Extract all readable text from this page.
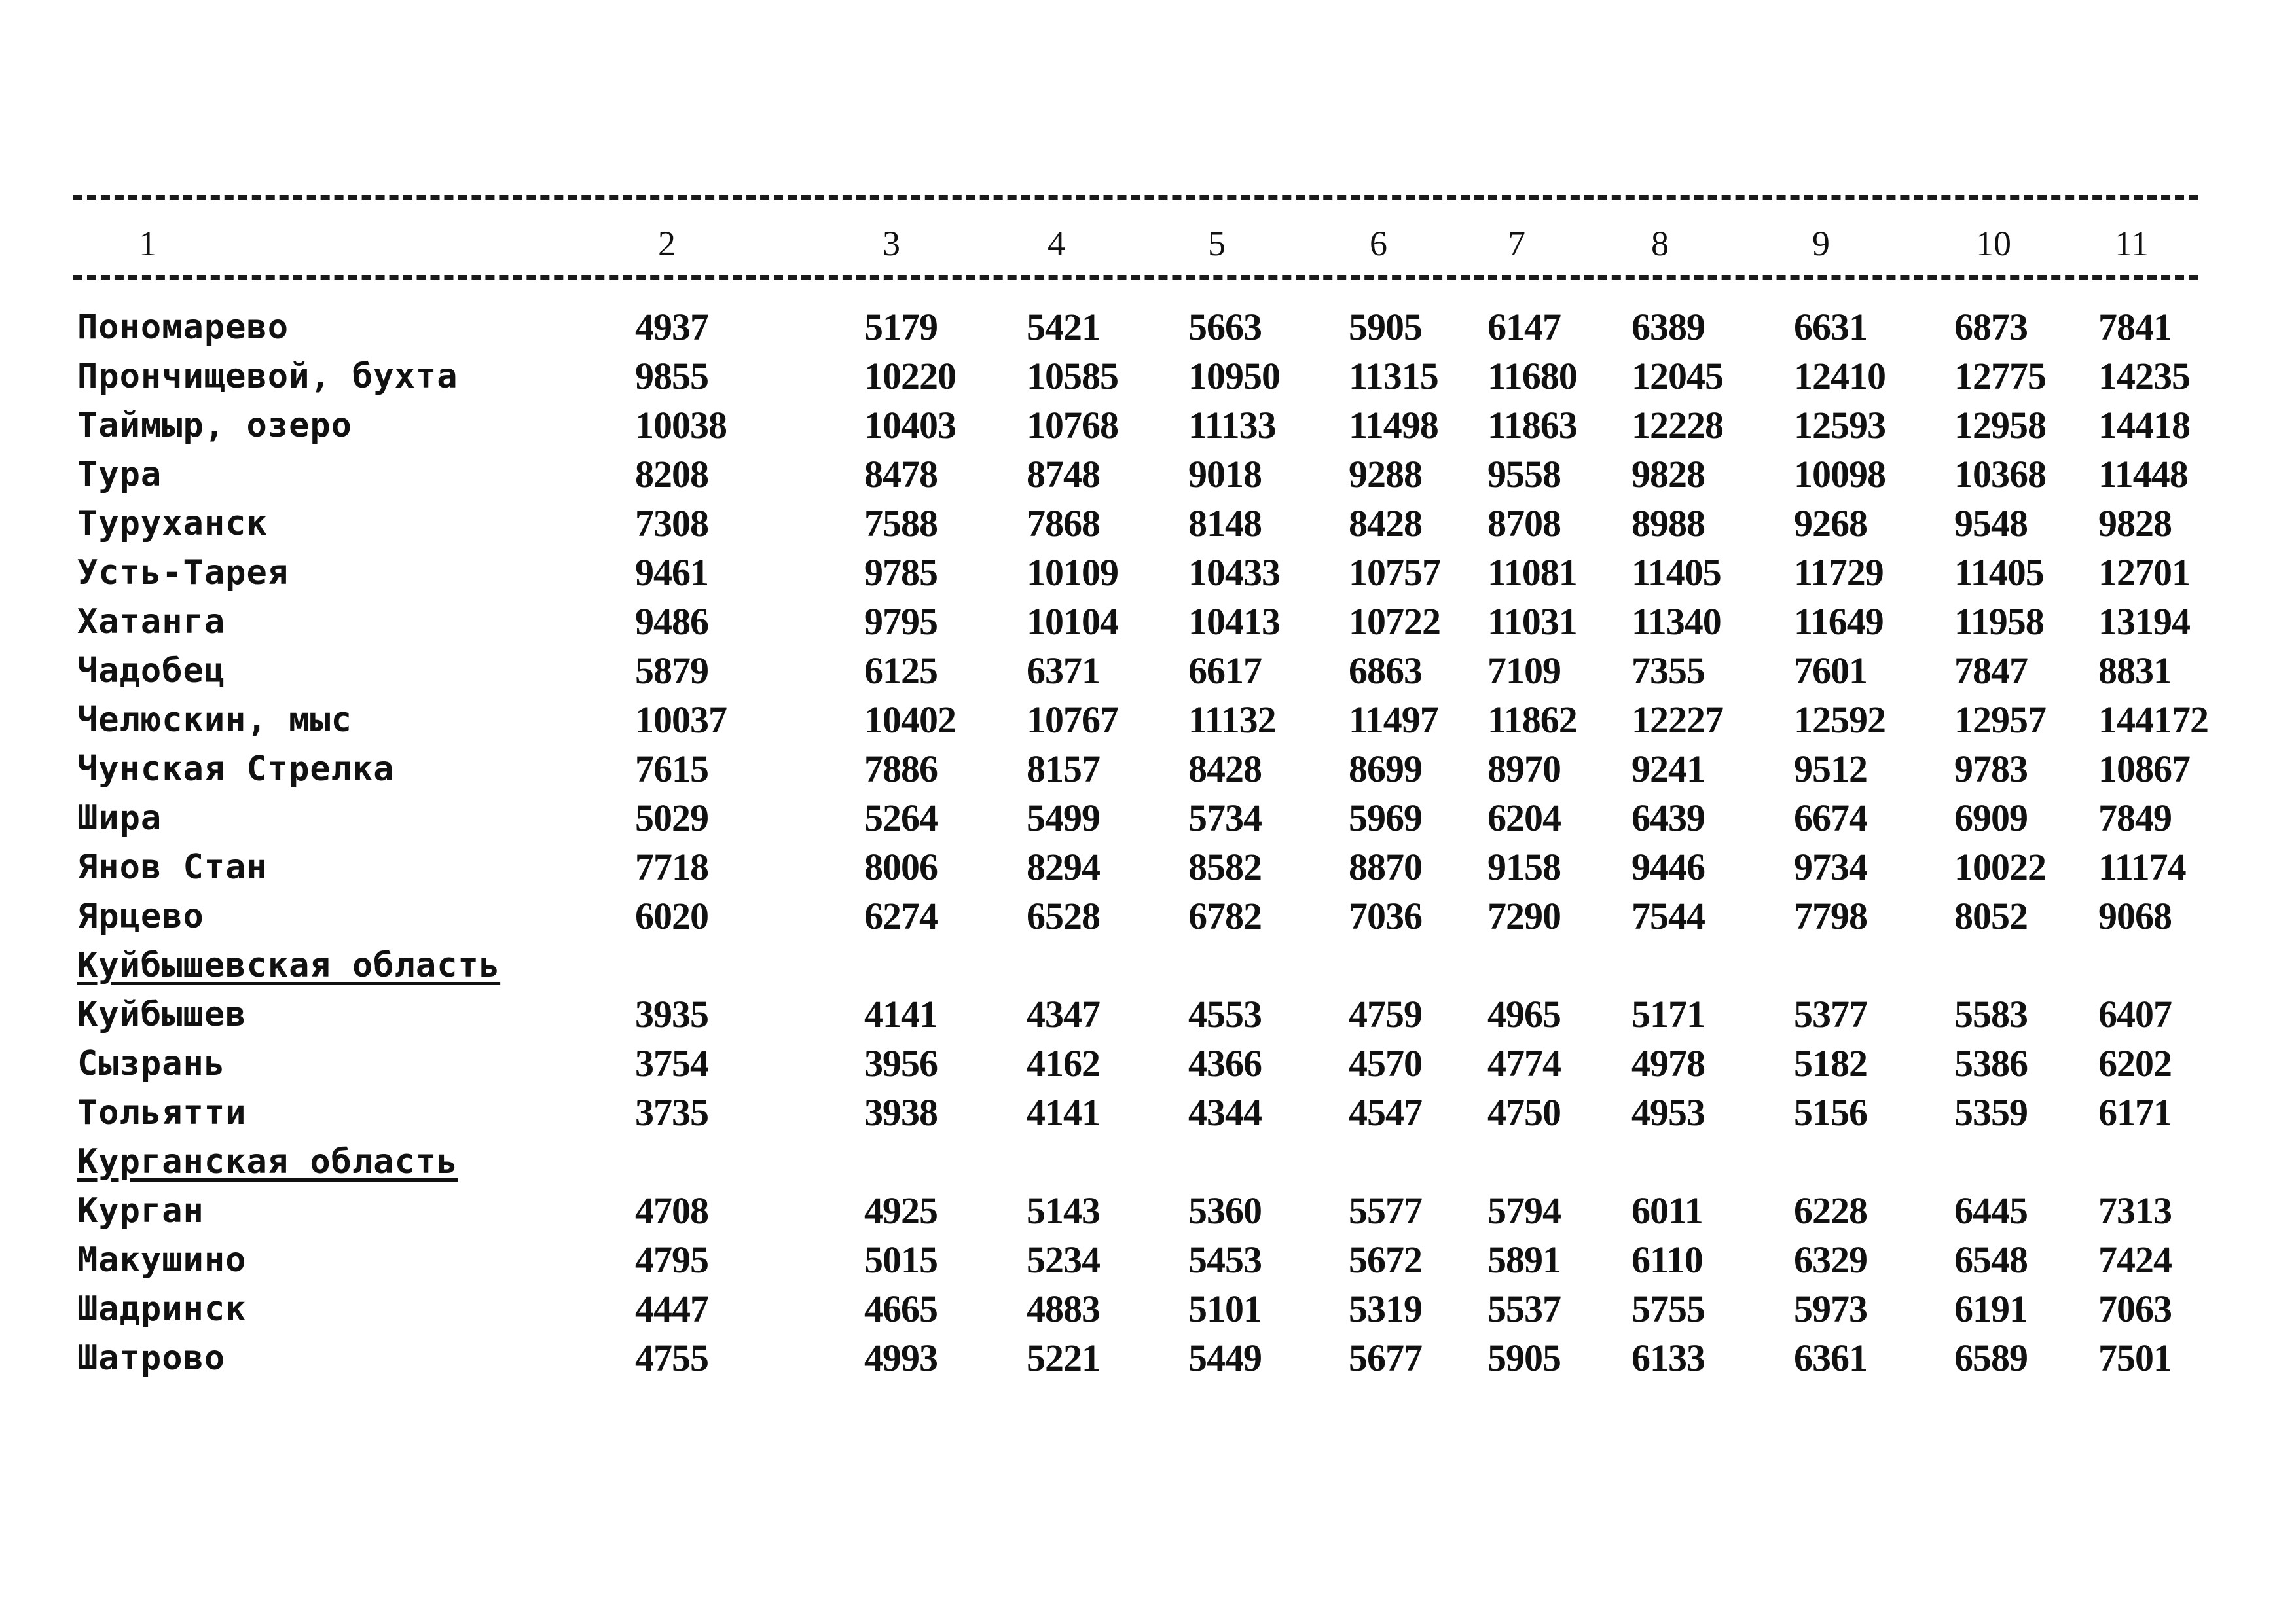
1	2	3	4	5	6	7	8	9	10	11
Пономарево	4937	5179 5421 5663 5905 6147 6389 6631 6873 7841
Прончищевой, бухта	9855	10220 10585 10950 11315 11680 12045 12410 12775 14235
Таймыр, озеро	10038	10403 10768 11133 11498 11863 12228 12593 12958 14418
Тура	8208	8478 8748 9018 9288 9558 9828 10098 10368 11448
Туруханск	7308	7588 7868 8148 8428 8708 8988 9268 9548 9828
Усть-Тарея	9461	9785 10109 10433 10757 11081 11405 11729 11405 12701
Хатанга	9486	9795 10104 10413 10722 11031 11340 11649 11958 13194
Чадобец	5879	6125 6371 6617 6863 7109 7355 7601 7847 8831
Челюскин, мыс	10037	10402 10767 11132 11497 11862 12227 12592 12957 144172
Чунская Стрелка	7615	7886 8157 8428 8699 8970 9241 9512 9783 10867
Шира	5029	5264 5499 5734 5969 6204 6439 6674 6909 7849
Янов Стан	7718	8006 8294 8582 8870 9158 9446 9734 10022 11174
Ярцево	6020	6274 6528 6782 7036 7290 7544 7798 8052 9068
Куйбышевская область
Куйбышев	3935	4141 4347 4553 4759 4965 5171 5377 5583 6407
Сызрань	3754	3956 4162 4366 4570 4774 4978 5182 5386 6202
Тольятти	3735	3938 4141 4344 4547 4750 4953 5156 5359 6171
Курганская область
Курган	4708	4925 5143 5360 5577 5794 6011 6228 6445 7313
Макушино	4795	5015 5234 5453 5672 5891 6110 6329 6548 7424
Шадринск	4447	4665 4883 5101 5319 5537 5755 5973 6191 7063
Шатрово	4755	4993 5221 5449 5677 5905 6133 6361 6589 7501
